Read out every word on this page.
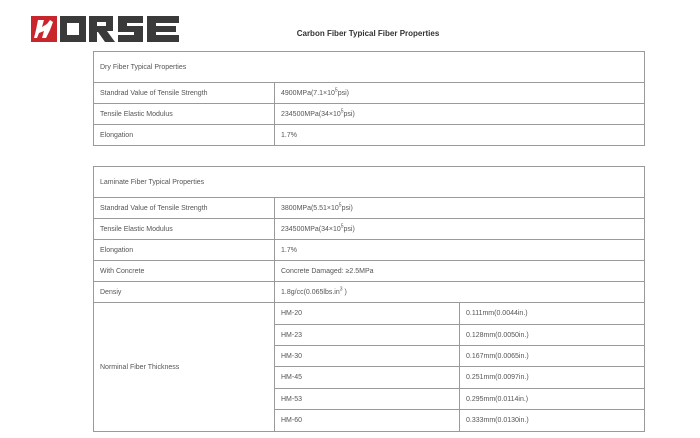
Carbon Fiber Typical Fiber Properties
Dry Fiber Typical Properties	
Standrad Value of Tensile Strength	$4900MPa(7.1\times 10^5psi)$
Tensile Elastic Modulus	$234500MPa(34\times 10^5psi)$
Elongation	1.7%
Laminate Fiber Typical Properties		
Standrad Value of Tensile Strength	$3800MPa(5.51\times 10^5psi)$	
Tensile Elastic Modulus	$234500MPa(34\times 10^5psi)$	
Elongation	1.7%	
With Concrete	Concrete Damaged: ≥2.5MPa	
Densiy	$1.8g/cc(0.065lbs.in^3$ )	
Norminal Fiber Thickness	HM-20	0.111mm(0.0044in.)
	HM-23	0.128mm(0.0050in.)
	HM-30	0.167mm(0.0065in.)
	HM-45	0.251mm(0.0097in.)
	HM-53	0.295mm(0.0114in.)
	HM-60	0.333mm(0.0130in.)
